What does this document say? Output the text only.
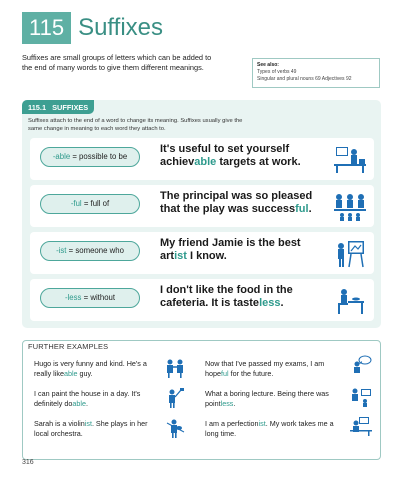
115 Suffixes

Suffixes are small groups of letters which can be added to the end of many words to give them different meanings.	See also:
Types of verbs 49
Singular and plural nouns 69 Adjectives 92
115.1 SUFFIXES

Suffixes attach to the end of a word to change its meaning. Suffixes usually give the same change in meaning to each word they attach to.

-able = possible to be
It's useful to set yourself achievable targets at work.
-ful = full of
The principal was so pleased that the play was successful.
-ist = someone who
My friend Jamie is the best artist I know.
-less = without
I don't like the food in the cafeteria. It is tasteless.
FURTHER EXAMPLES

Hugo is very funny and kind. He's a really likeable guy.

I can paint the house in a day. It's definitely doable.

Sarah is a violinist. She plays in her local orchestra.

Now that I've passed my exams, I am hopeful for the future.

What a boring lecture. Being there was pointless.

I am a perfectionist. My work takes me a long time.

316
